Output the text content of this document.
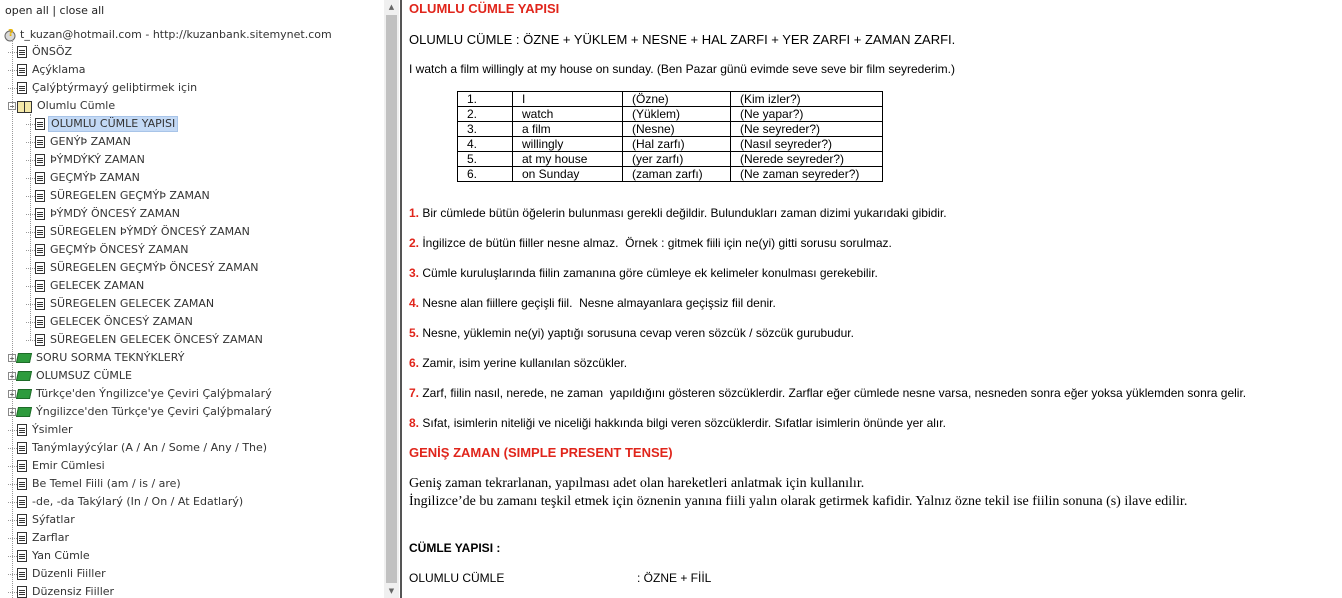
open all | close all
? t_kuzan@hotmail.com - http://kuzanbank.sitemynet.com
ÖNSÖZ
Açýklama
Çalýþtýrmayý geliþtirmek için
− Olumlu Cümle
OLUMLU CÜMLE YAPISI
GENÝÞ ZAMAN
ÞÝMDÝKÝ ZAMAN
GEÇMÝÞ ZAMAN
SÜREGELEN GEÇMÝÞ ZAMAN
ÞÝMDÝ ÖNCESÝ ZAMAN
SÜREGELEN ÞÝMDÝ ÖNCESÝ ZAMAN
GEÇMÝÞ ÖNCESÝ ZAMAN
SÜREGELEN GEÇMÝÞ ÖNCESÝ ZAMAN
GELECEK ZAMAN
SÜREGELEN GELECEK ZAMAN
GELECEK ÖNCESÝ ZAMAN
SÜREGELEN GELECEK ÖNCESÝ ZAMAN
+ SORU SORMA TEKNÝKLERÝ
+ OLUMSUZ CÜMLE
+ Türkçe'den Ýngilizce'ye Çeviri Çalýþmalarý
+ Ýngilizce'den Türkçe'ye Çeviri Çalýþmalarý
Ýsimler
Tanýmlayýcýlar (A / An / Some / Any / The)
Emir Cümlesi
Be Temel Fiili (am / is / are)
-de, -da Takýlarý (In / On / At Edatlarý)
Sýfatlar
Zarflar
Yan Cümle
Düzenli Fiiller
Düzensiz Fiiller
▲
▼
OLUMLU CÜMLE YAPISI
OLUMLU CÜMLE : ÖZNE + YÜKLEM + NESNE + HAL ZARFI + YER ZARFI + ZAMAN ZARFI.
I watch a film willingly at my house on sunday. (Ben Pazar günü evimde seve seve bir film seyrederim.)
1.	I	(Özne)	(Kim izler?)
2.	watch	(Yüklem)	(Ne yapar?)
3.	a film	(Nesne)	(Ne seyreder?)
4.	willingly	(Hal zarfı)	(Nasıl seyreder?)
5.	at my house	(yer zarfı)	(Nerede seyreder?)
6.	on Sunday	(zaman zarfı)	(Ne zaman seyreder?)
1. Bir cümlede bütün öğelerin bulunması gerekli değildir. Bulundukları zaman dizimi yukarıdaki gibidir.
2. İngilizce de bütün fiiller nesne almaz.  Örnek : gitmek fiili için ne(yi) gitti sorusu sorulmaz.
3. Cümle kuruluşlarında fiilin zamanına göre cümleye ek kelimeler konulması gerekebilir.
4. Nesne alan fiillere geçişli fiil.  Nesne almayanlara geçişsiz fiil denir.
5. Nesne, yüklemin ne(yi) yaptığı sorusuna cevap veren sözcük / sözcük gurubudur.
6. Zamir, isim yerine kullanılan sözcükler.
7. Zarf, fiilin nasıl, nerede, ne zaman  yapıldığını gösteren sözcüklerdir. Zarflar eğer cümlede nesne varsa, nesneden sonra eğer yoksa yüklemden sonra gelir.
8. Sıfat, isimlerin niteliği ve niceliği hakkında bilgi veren sözcüklerdir. Sıfatlar isimlerin önünde yer alır.
GENİŞ ZAMAN (SIMPLE PRESENT TENSE)
Geniş zaman tekrarlanan, yapılması adet olan hareketleri anlatmak için kullanılır.
İngilizce’de bu zamanı teşkil etmek için öznenin yanına fiili yalın olarak getirmek kafidir. Yalnız özne tekil ise fiilin sonuna (s) ilave edilir.
CÜMLE YAPISI :
OLUMLU CÜMLE	: ÖZNE + FİİL
